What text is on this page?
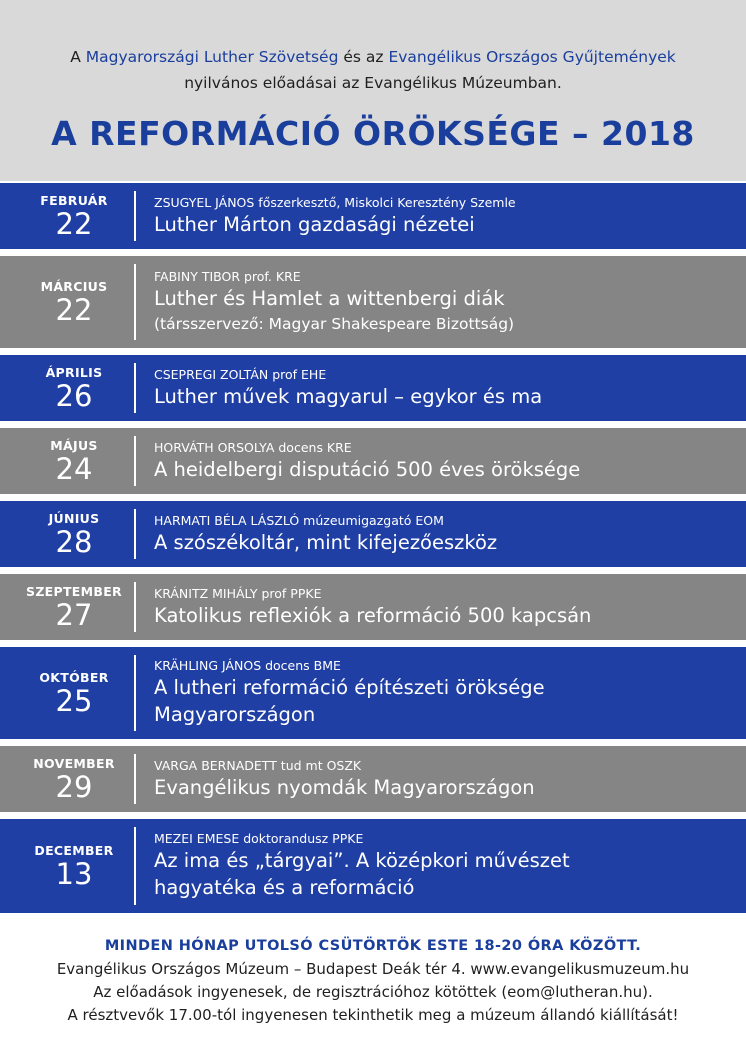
A Magyarországi Luther Szövetség és az Evangélikus Országos Gyűjtemények
nyilvános előadásai az Evangélikus Múzeumban.
A REFORMÁCIÓ ÖRÖKSÉGE – 2018
FEBRUÁR
22
ZSUGYEL JÁNOS főszerkesztő, Miskolci Keresztény Szemle
Luther Márton gazdasági nézetei
MÁRCIUS
22
FABINY TIBOR prof. KRE
Luther és Hamlet a wittenbergi diák
(társszervező: Magyar Shakespeare Bizottság)
ÁPRILIS
26
CSEPREGI ZOLTÁN prof EHE
Luther művek magyarul – egykor és ma
MÁJUS
24
HORVÁTH ORSOLYA docens KRE
A heidelbergi disputáció 500 éves öröksége
JÚNIUS
28
HARMATI BÉLA LÁSZLÓ múzeumigazgató EOM
A szószékoltár, mint kifejezőeszköz
SZEPTEMBER
27
KRÁNITZ MIHÁLY prof PPKE
Katolikus reflexiók a reformáció 500 kapcsán
OKTÓBER
25
KRÄHLING JÁNOS docens BME
A lutheri reformáció építészeti öröksége
Magyarországon
NOVEMBER
29
VARGA BERNADETT tud mt OSZK
Evangélikus nyomdák Magyarországon
DECEMBER
13
MEZEI EMESE doktorandusz PPKE
Az ima és „tárgyai”. A középkori művészet
hagyatéka és a reformáció
MINDEN HÓNAP UTOLSÓ CSÜTÖRTÖK ESTE 18-20 ÓRA KÖZÖTT.
Evangélikus Országos Múzeum – Budapest Deák tér 4. www.evangelikusmuzeum.hu
Az előadások ingyenesek, de regisztrációhoz kötöttek (eom@lutheran.hu).
A résztvevők 17.00-tól ingyenesen tekinthetik meg a múzeum állandó kiállítását!
